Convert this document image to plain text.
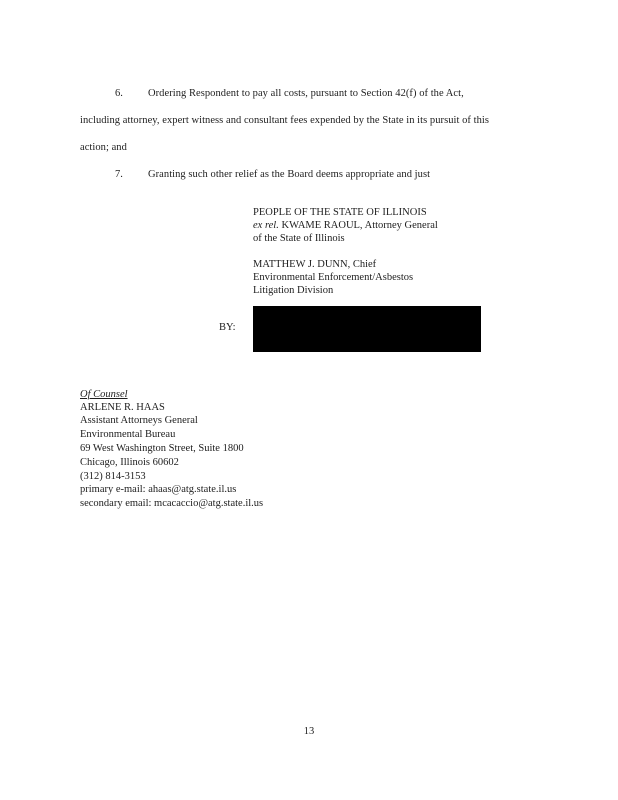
6. Ordering Respondent to pay all costs, pursuant to Section 42(f) of the Act,
including attorney, expert witness and consultant fees expended by the State in its pursuit of this
action; and
7. Granting such other relief as the Board deems appropriate and just
PEOPLE OF THE STATE OF ILLINOIS
ex rel. KWAME RAOUL, Attorney General
of the State of Illinois
MATTHEW J. DUNN, Chief
Environmental Enforcement/Asbestos
Litigation Division
BY:
Of Counsel
ARLENE R. HAAS
Assistant Attorneys General
Environmental Bureau
69 West Washington Street, Suite 1800
Chicago, Illinois 60602
(312) 814-3153
primary e-mail: ahaas@atg.state.il.us
secondary email: mcacaccio@atg.state.il.us
13
